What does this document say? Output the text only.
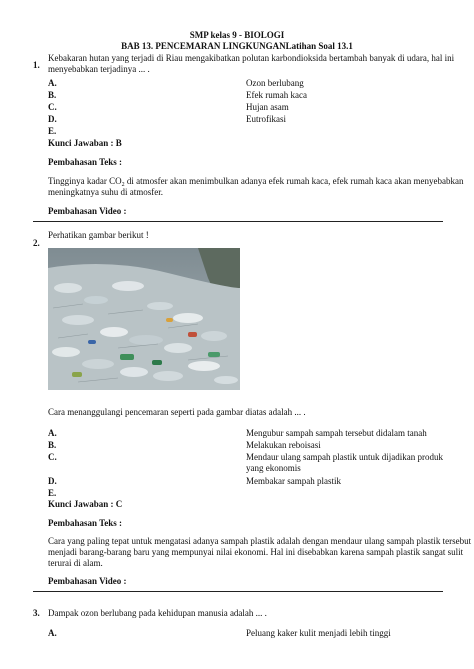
SMP kelas 9 - BIOLOGI
BAB 13. PENCEMARAN LINGKUNGANLatihan Soal 13.1
1.
Kebakaran hutan yang terjadi di Riau mengakibatkan polutan karbondioksida bertambah banyak di udara, hal ini
menyebabkan terjadinya ... .
A.	Ozon berlubang
B.	Efek rumah kaca
C.	Hujan asam
D.	Eutrofikasi
E.
Kunci Jawaban : B
Pembahasan Teks :
Tingginya kadar $CO_2$ di atmosfer akan menimbulkan adanya efek rumah kaca, efek rumah kaca akan menyebabkan
meningkatnya suhu di atmosfer.
Pembahasan Video :
2.
Perhatikan gambar berikut !
Cara menanggulangi pencemaran seperti pada gambar diatas adalah ... .
A.	Mengubur sampah sampah tersebut didalam tanah
B.	Melakukan reboisasi
C.	Mendaur ulang sampah plastik untuk dijadikan produk
yang ekonomis
D.	Membakar sampah plastik
E.
Kunci Jawaban : C
Pembahasan Teks :
Cara yang paling tepat untuk mengatasi adanya sampah plastik adalah dengan mendaur ulang sampah plastik tersebut
menjadi barang-barang baru yang mempunyai nilai ekonomi. Hal ini disebabkan karena sampah plastik sangat sulit
terurai di alam.
Pembahasan Video :
3. Dampak ozon berlubang pada kehidupan manusia adalah ... .
A.	Peluang kaker kulit menjadi lebih tinggi
